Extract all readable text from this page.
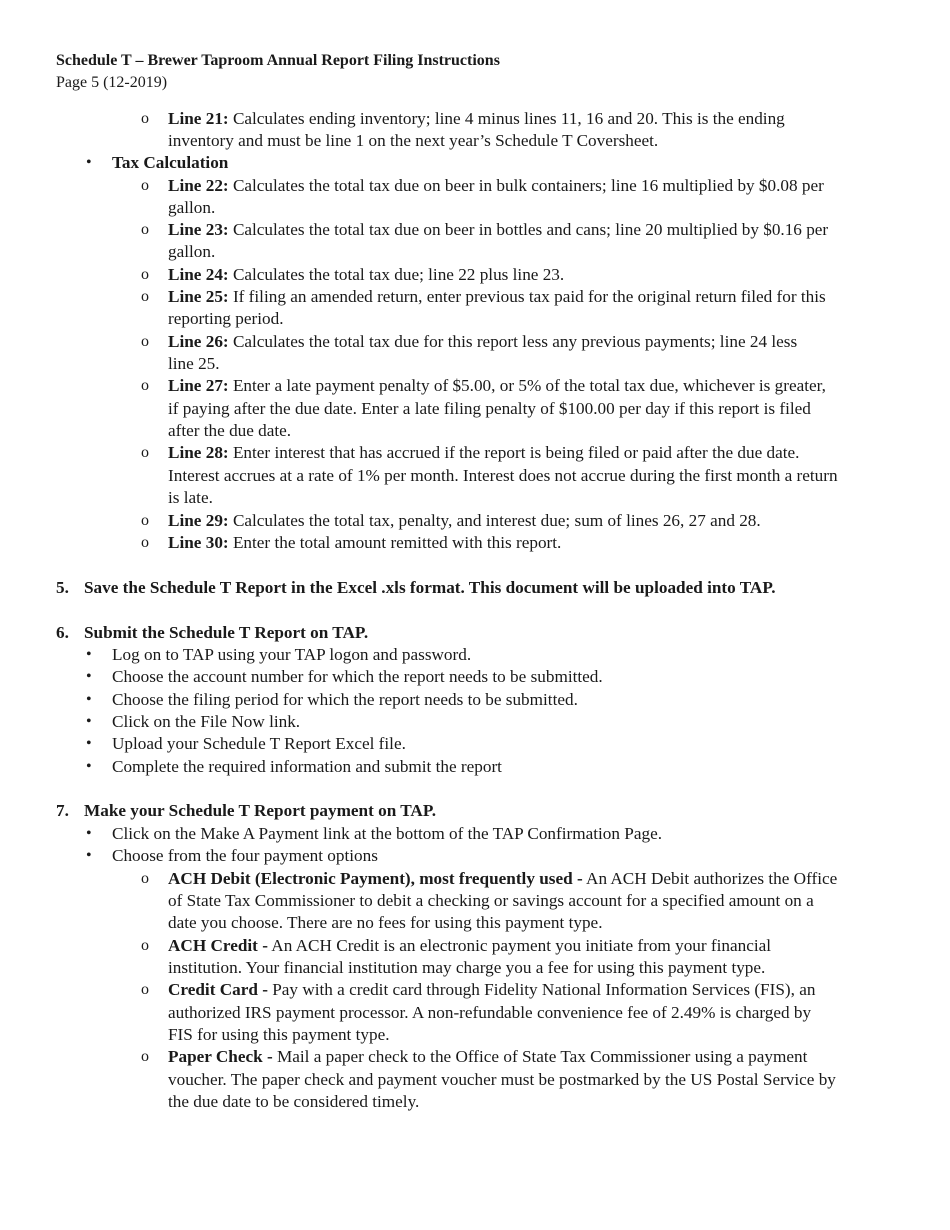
Schedule T – Brewer Taproom Annual Report Filing Instructions
Page 5 (12-2019)
o Line 21: Calculates ending inventory; line 4 minus lines 11, 16 and 20. This is the ending
inventory and must be line 1 on the next year’s Schedule T Coversheet.
• Tax Calculation
o Line 22: Calculates the total tax due on beer in bulk containers; line 16 multiplied by $0.08 per
gallon.
o Line 23: Calculates the total tax due on beer in bottles and cans; line 20 multiplied by $0.16 per
gallon.
o Line 24: Calculates the total tax due; line 22 plus line 23.
o Line 25: If filing an amended return, enter previous tax paid for the original return filed for this
reporting period.
o Line 26: Calculates the total tax due for this report less any previous payments; line 24 less
line 25.
o Line 27: Enter a late payment penalty of $5.00, or 5% of the total tax due, whichever is greater,
if paying after the due date. Enter a late filing penalty of $100.00 per day if this report is filed
after the due date.
o Line 28: Enter interest that has accrued if the report is being filed or paid after the due date.
Interest accrues at a rate of 1% per month. Interest does not accrue during the first month a return
is late.
o Line 29: Calculates the total tax, penalty, and interest due; sum of lines 26, 27 and 28.
o Line 30: Enter the total amount remitted with this report.
5. Save the Schedule T Report in the Excel .xls format. This document will be uploaded into TAP.
6. Submit the Schedule T Report on TAP.
• Log on to TAP using your TAP logon and password.
• Choose the account number for which the report needs to be submitted.
• Choose the filing period for which the report needs to be submitted.
• Click on the File Now link.
• Upload your Schedule T Report Excel file.
• Complete the required information and submit the report
7. Make your Schedule T Report payment on TAP.
• Click on the Make A Payment link at the bottom of the TAP Confirmation Page.
• Choose from the four payment options
o ACH Debit (Electronic Payment), most frequently used - An ACH Debit authorizes the Office
of State Tax Commissioner to debit a checking or savings account for a specified amount on a
date you choose. There are no fees for using this payment type.
o ACH Credit - An ACH Credit is an electronic payment you initiate from your financial
institution. Your financial institution may charge you a fee for using this payment type.
o Credit Card - Pay with a credit card through Fidelity National Information Services (FIS), an
authorized IRS payment processor. A non-refundable convenience fee of 2.49% is charged by
FIS for using this payment type.
o Paper Check - Mail a paper check to the Office of State Tax Commissioner using a payment
voucher. The paper check and payment voucher must be postmarked by the US Postal Service by
the due date to be considered timely.
